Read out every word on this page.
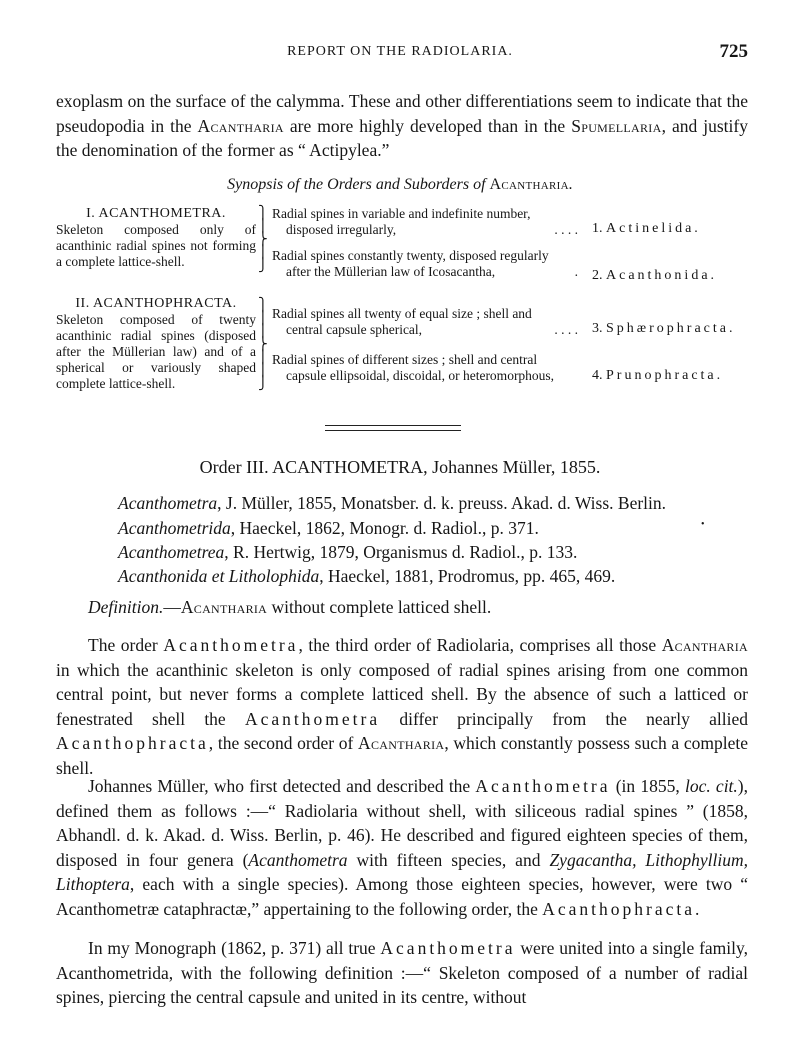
REPORT ON THE RADIOLARIA.	725
exoplasm on the surface of the calymma. These and other differentiations seem to indicate that the pseudopodia in the Acantharia are more highly developed than in the Spumellaria, and justify the denomination of the former as “ Actipylea.”
Synopsis of the Orders and Suborders of Acantharia.
I. ACANTHOMETRA.
Skeleton composed only of acanthinic radial spines not forming a complete lattice-shell.
⎫
⎪
⎬
⎪
⎭
Radial spines in variable and indefinite number,
disposed irregularly,	. . . . 1. Actinelida.
Radial spines constantly twenty, disposed regularly
after the Müllerian law of Icosacantha,	. 2. Acanthonida.
II. ACANTHOPHRACTA.
Skeleton composed of twenty acanthinic radial spines (disposed after the Müllerian law) and of a spherical or variously shaped complete lattice-shell.
⎫
⎪
⎪
⎬
⎪
⎪
⎭
Radial spines all twenty of equal size ; shell and
central capsule spherical,	. . . . 3. Sphærophracta.
Radial spines of different sizes ; shell and central
capsule ellipsoidal, discoidal, or heteromorphous,	4. Prunophracta.
Order III. ACANTHOMETRA, Johannes Müller, 1855.
Acanthometra, J. Müller, 1855, Monatsber. d. k. preuss. Akad. d. Wiss. Berlin.
Acanthometrida, Haeckel, 1862, Monogr. d. Radiol., p. 371.
Acanthometrea, R. Hertwig, 1879, Organismus d. Radiol., p. 133.
Acanthonida et Litholophida, Haeckel, 1881, Prodromus, pp. 465, 469.
•
Definition.—Acantharia without complete latticed shell.
The order Acanthometra, the third order of Radiolaria, comprises all those Acantharia in which the acanthinic skeleton is only composed of radial spines arising from one common central point, but never forms a complete latticed shell. By the absence of such a latticed or fenestrated shell the Acanthometra differ principally from the nearly allied Acanthophracta, the second order of Acantharia, which constantly possess such a complete shell.
Johannes Müller, who first detected and described the Acanthometra (in 1855, loc. cit.), defined them as follows :—“ Radiolaria without shell, with siliceous radial spines ” (1858, Abhandl. d. k. Akad. d. Wiss. Berlin, p. 46). He described and figured eighteen species of them, disposed in four genera (Acanthometra with fifteen species, and Zygacantha, Lithophyllium, Lithoptera, each with a single species). Among those eighteen species, however, were two “ Acanthometræ cataphractæ,” appertaining to the following order, the Acanthophracta.
In my Monograph (1862, p. 371) all true Acanthometra were united into a single family, Acanthometrida, with the following definition :—“ Skeleton composed of a number of radial spines, piercing the central capsule and united in its centre, without
